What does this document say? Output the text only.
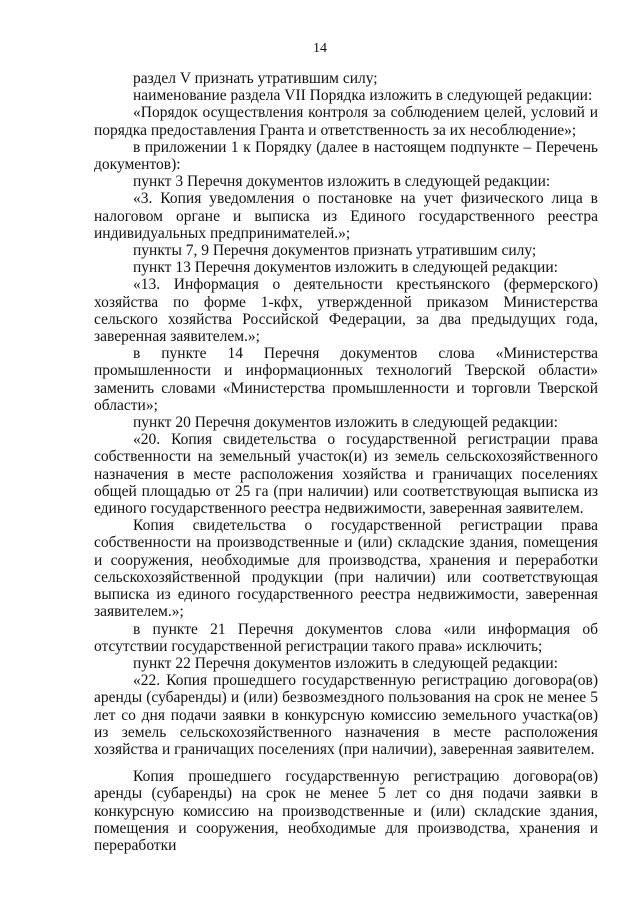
14

раздел V признать утратившим силу;

наименование раздела VII Порядка изложить в следующей редакции:

«Порядок осуществления контроля за соблюдением целей, условий и порядка предоставления Гранта и ответственность за их несоблюдение»;

в приложении 1 к Порядку (далее в настоящем подпункте – Перечень документов):

пункт 3 Перечня документов изложить в следующей редакции:

«3. Копия уведомления о постановке на учет физического лица в налоговом органе и выписка из Единого государственного реестра индивидуальных предпринимателей.»;

пункты 7, 9 Перечня документов признать утратившим силу;

пункт 13 Перечня документов изложить в следующей редакции:

«13. Информация о деятельности крестьянского (фермерского) хозяйства по форме 1-кфх, утвержденной приказом Министерства сельского хозяйства Российской Федерации, за два предыдущих года, заверенная заявителем.»;

в пункте 14 Перечня документов слова «Министерства промышленности и информационных технологий Тверской области» заменить словами «Министерства промышленности и торговли Тверской области»;

пункт 20 Перечня документов изложить в следующей редакции:

«20. Копия свидетельства о государственной регистрации права собственности на земельный участок(и) из земель сельскохозяйственного назначения в месте расположения хозяйства и граничащих поселениях общей площадью от 25 га (при наличии) или соответствующая выписка из единого государственного реестра недвижимости, заверенная заявителем.

Копия свидетельства о государственной регистрации права собственности на производственные и (или) складские здания, помещения и сооружения, необходимые для производства, хранения и переработки сельскохозяйственной продукции (при наличии) или соответствующая выписка из единого государственного реестра недвижимости, заверенная заявителем.»;

в пункте 21 Перечня документов слова «или информация об отсутствии государственной регистрации такого права» исключить;

пункт 22 Перечня документов изложить в следующей редакции:

«22. Копия прошедшего государственную регистрацию договора(ов) аренды (субаренды) и (или) безвозмездного пользования на срок не менее 5 лет со дня подачи заявки в конкурсную комиссию земельного участка(ов) из земель сельскохозяйственного назначения в месте расположения хозяйства и граничащих поселениях (при наличии), заверенная заявителем.

Копия прошедшего государственную регистрацию договора(ов) аренды (субаренды) на срок не менее 5 лет со дня подачи заявки в конкурсную комиссию на производственные и (или) складские здания, помещения и сооружения, необходимые для производства, хранения и переработки
